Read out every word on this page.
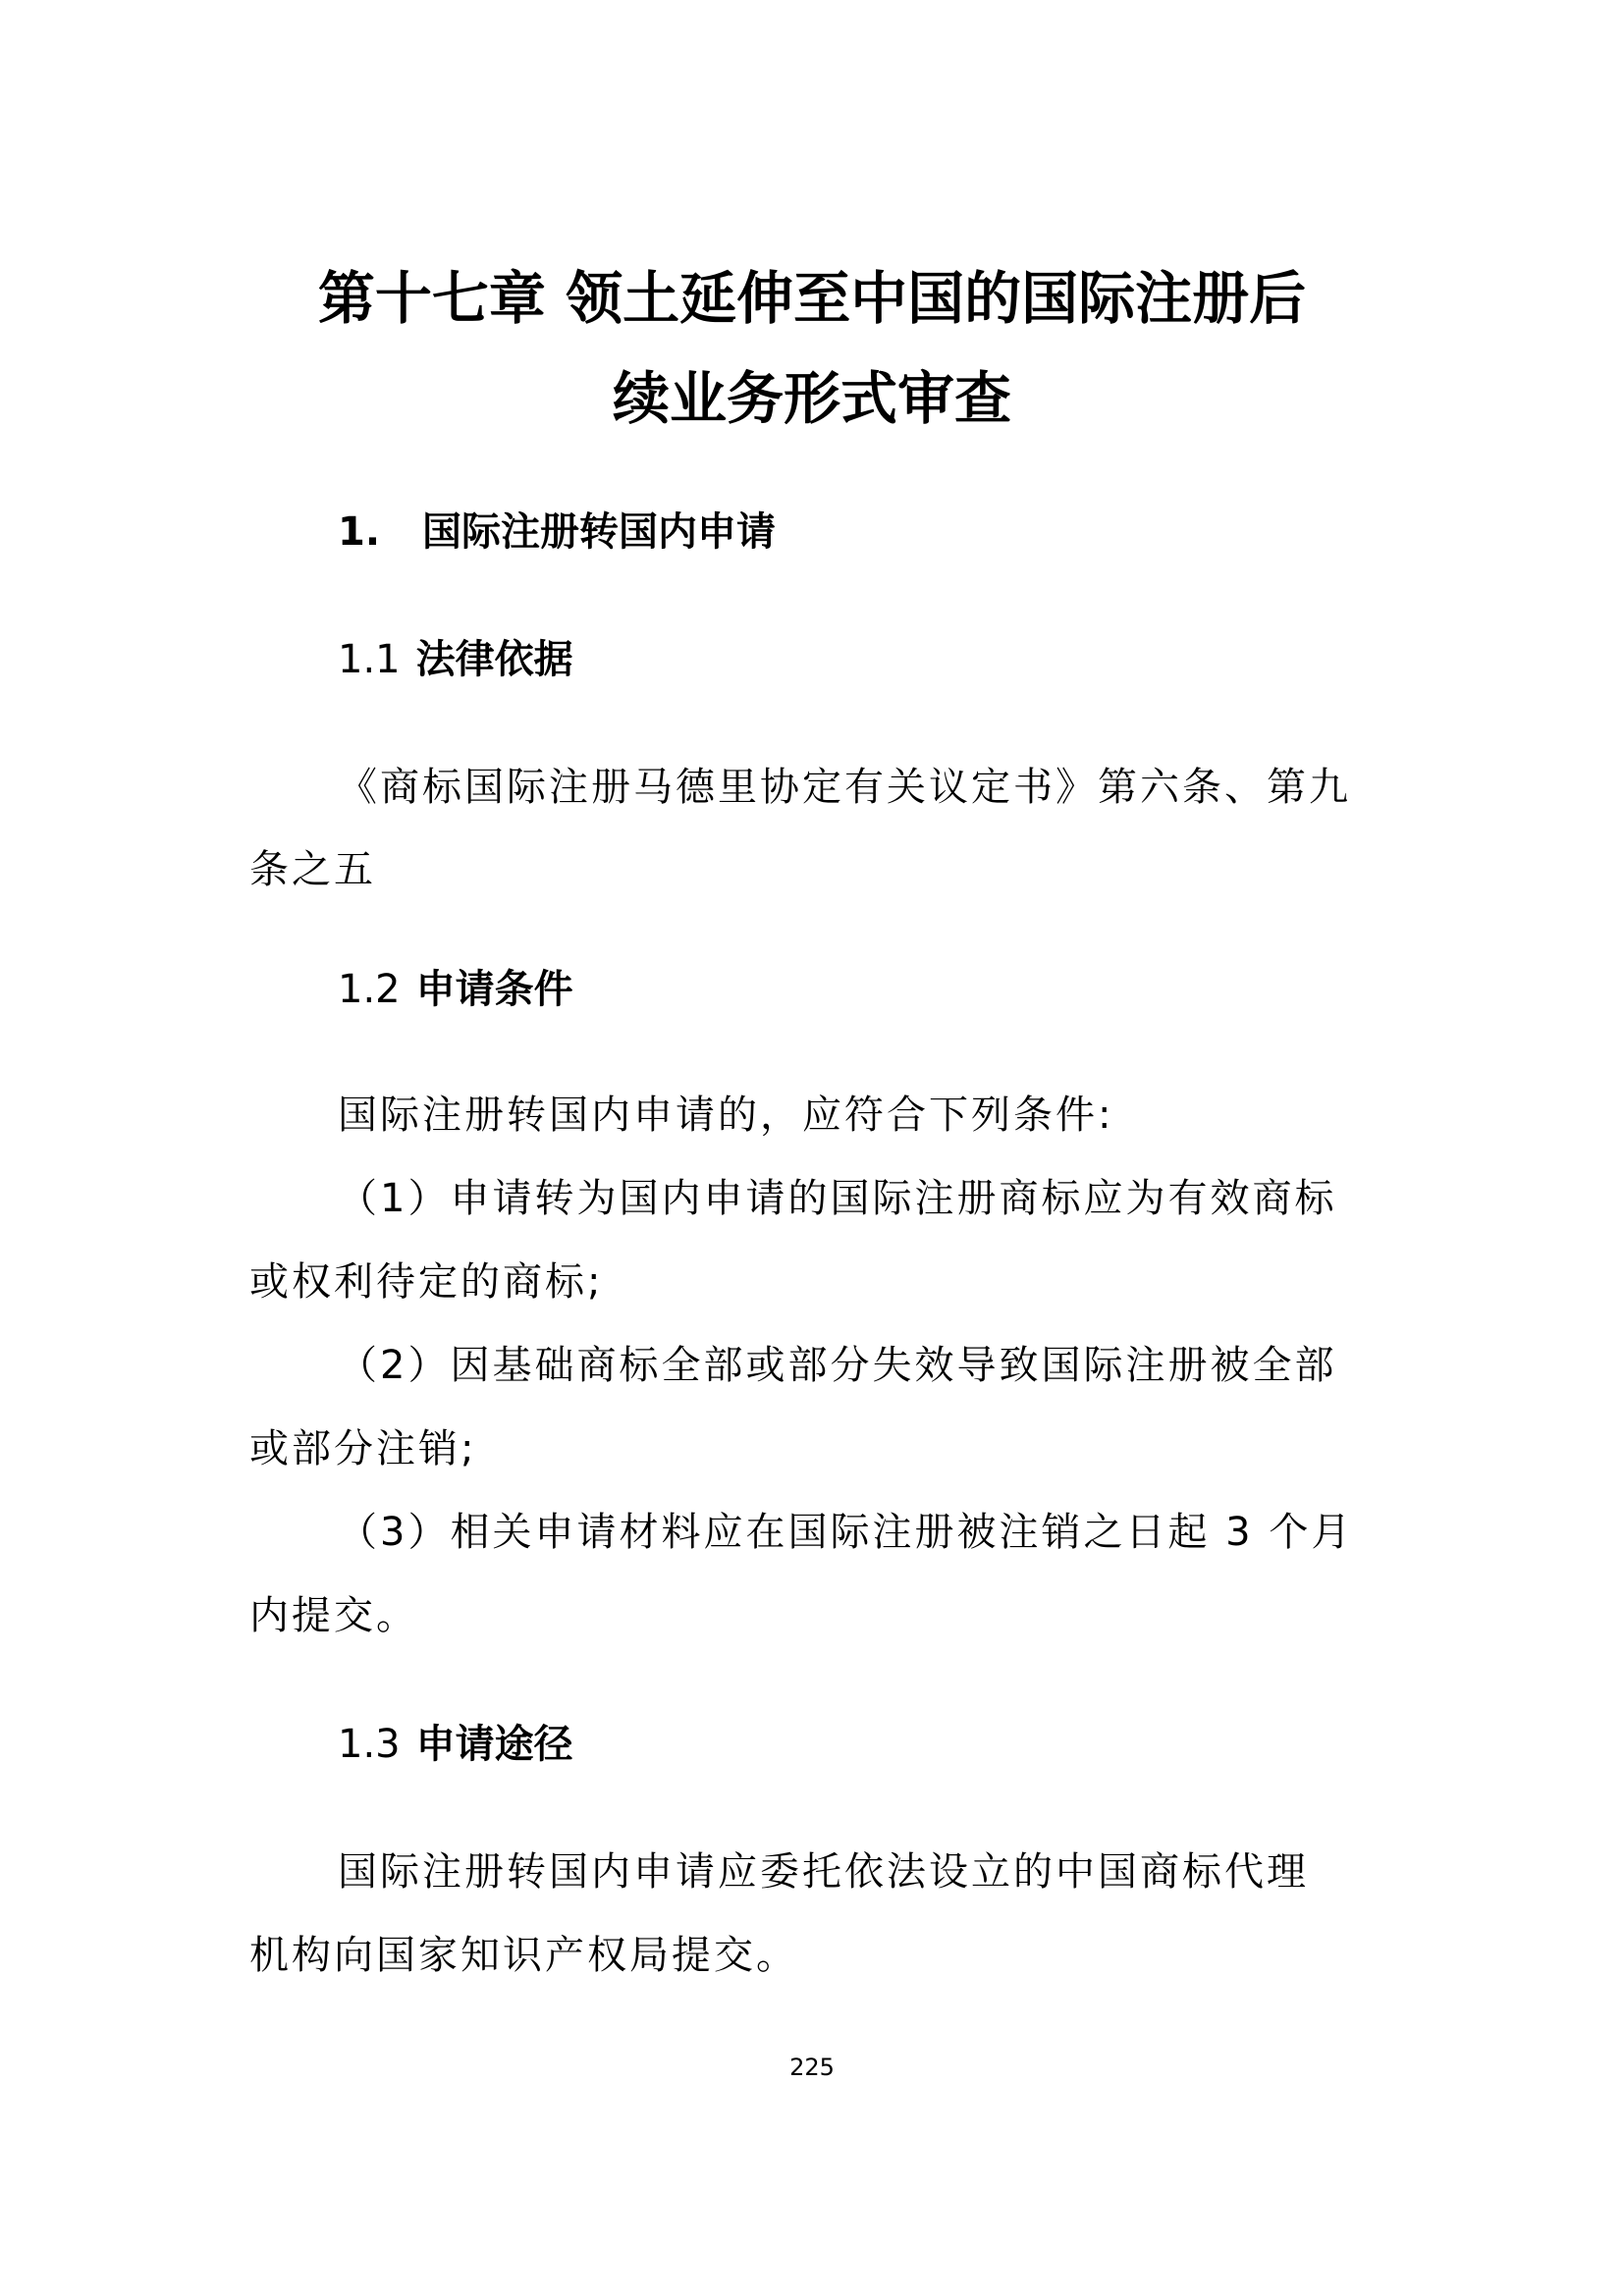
第十七章 领土延伸至中国的国际注册后
续业务形式审查
1. 国际注册转国内申请
1.1 法律依据
《商标国际注册马德里协定有关议定书》第六条、第九
条之五
1.2 申请条件
国际注册转国内申请的，应符合下列条件:
（1）申请转为国内申请的国际注册商标应为有效商标
或权利待定的商标;
（2）因基础商标全部或部分失效导致国际注册被全部
或部分注销;
（3）相关申请材料应在国际注册被注销之日起 3 个月
内提交。
1.3 申请途径
国际注册转国内申请应委托依法设立的中国商标代理
机构向国家知识产权局提交。
225
